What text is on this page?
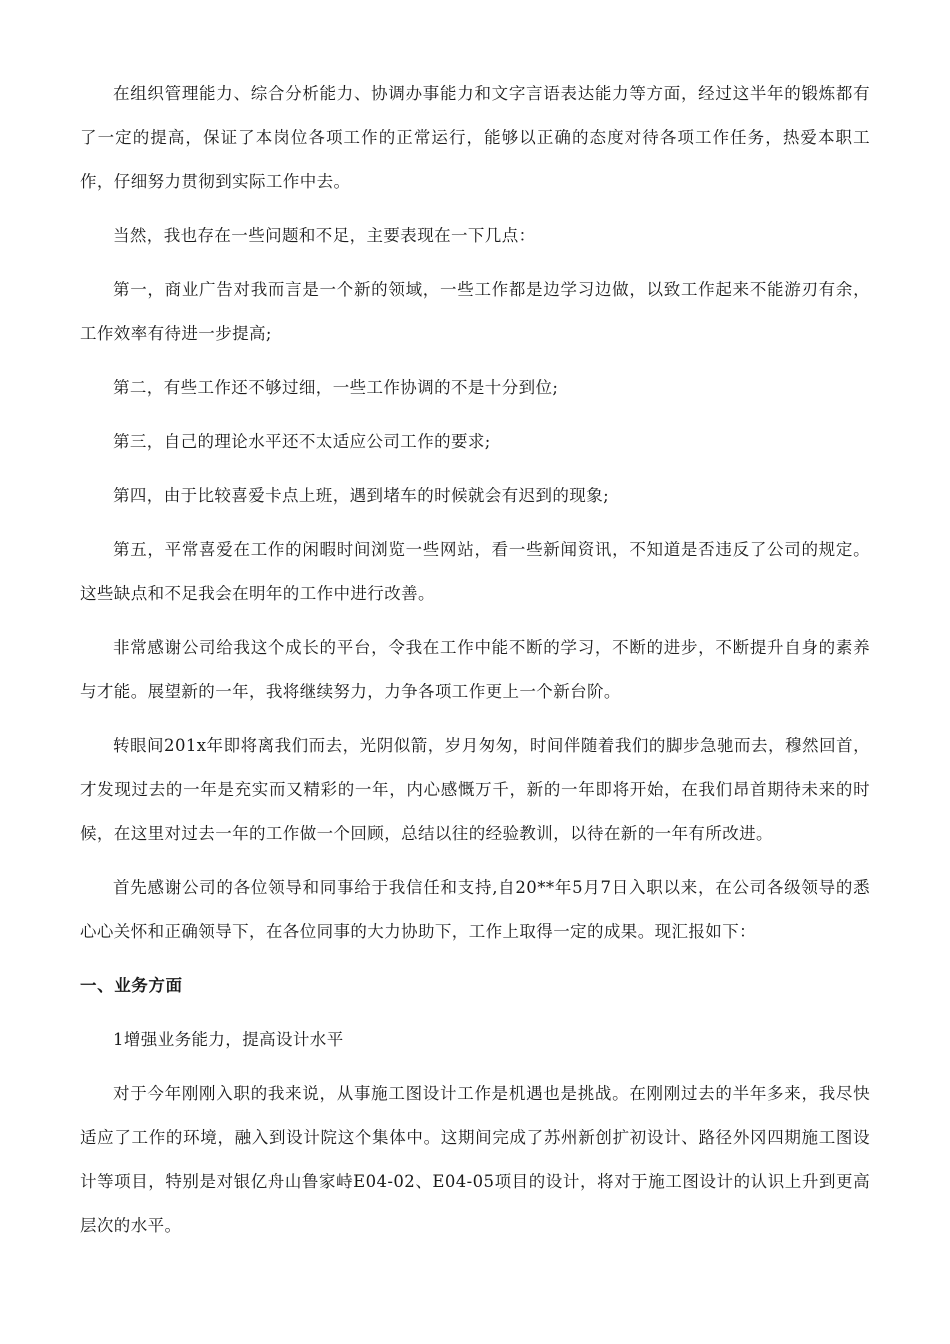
在组织管理能力、综合分析能力、协调办事能力和文字言语表达能力等方面，经过这半年的锻炼都有了一定的提高，保证了本岗位各项工作的正常运行，能够以正确的态度对待各项工作任务，热爱本职工作，仔细努力贯彻到实际工作中去。

当然，我也存在一些问题和不足，主要表现在一下几点：

第一，商业广告对我而言是一个新的领域，一些工作都是边学习边做，以致工作起来不能游刃有余，工作效率有待进一步提高;

第二，有些工作还不够过细，一些工作协调的不是十分到位;

第三，自己的理论水平还不太适应公司工作的要求;

第四，由于比较喜爱卡点上班，遇到堵车的时候就会有迟到的现象;

第五，平常喜爱在工作的闲暇时间浏览一些网站，看一些新闻资讯，不知道是否违反了公司的规定。这些缺点和不足我会在明年的工作中进行改善。

非常感谢公司给我这个成长的平台，令我在工作中能不断的学习，不断的进步，不断提升自身的素养与才能。展望新的一年，我将继续努力，力争各项工作更上一个新台阶。

转眼间201x年即将离我们而去，光阴似箭，岁月匆匆，时间伴随着我们的脚步急驰而去，穆然回首，才发现过去的一年是充实而又精彩的一年，内心感慨万千，新的一年即将开始，在我们昂首期待未来的时候，在这里对过去一年的工作做一个回顾，总结以往的经验教训，以待在新的一年有所改进。

首先感谢公司的各位领导和同事给于我信任和支持,自20**年5月7日入职以来，在公司各级领导的悉心心关怀和正确领导下，在各位同事的大力协助下，工作上取得一定的成果。现汇报如下：

一、业务方面

1增强业务能力，提高设计水平

对于今年刚刚入职的我来说，从事施工图设计工作是机遇也是挑战。在刚刚过去的半年多来，我尽快适应了工作的环境，融入到设计院这个集体中。这期间完成了苏州新创扩初设计、路径外冈四期施工图设计等项目，特别是对银亿舟山鲁家峙E04-02、E04-05项目的设计，将对于施工图设计的认识上升到更高层次的水平。
